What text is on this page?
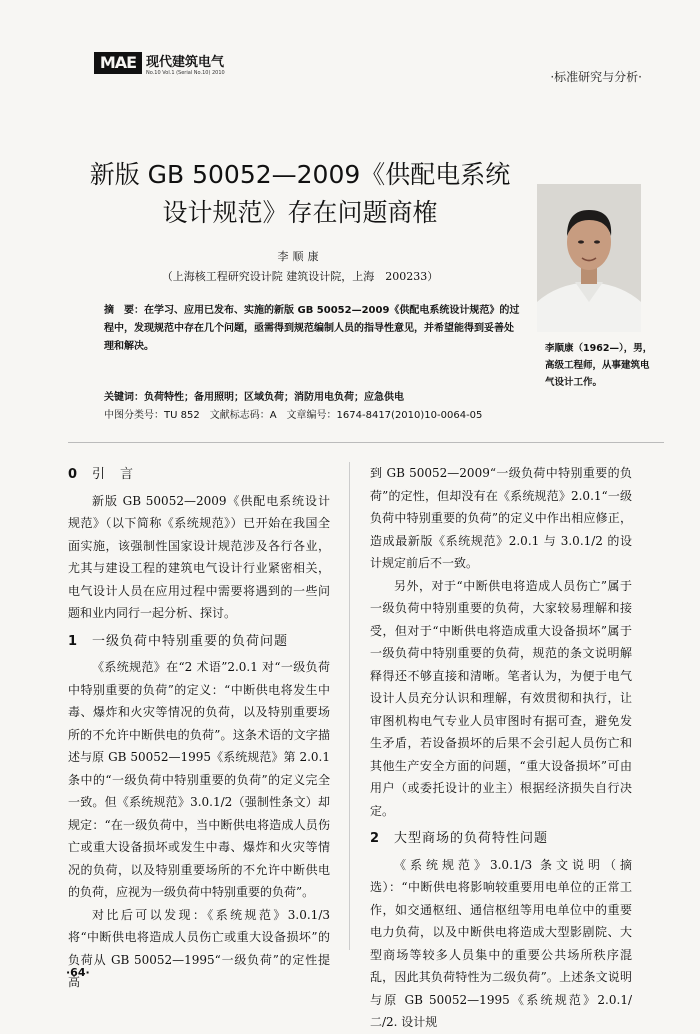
MAE 现代建筑电气
No.10 Vol.1 (Serial No.10) 2010	·标准研究与分析·
新版 GB 50052—2009《供配电系统
设计规范》存在问题商榷
李顺康
（上海核工程研究设计院 建筑设计院，上海　200233）
李顺康（1962—），男，高级工程师，从事建筑电气设计工作。
摘　要：在学习、应用已发布、实施的新版 GB 50052—2009《供配电系统设计规范》的过程中，发现规范中存在几个问题，亟需得到规范编制人员的指导性意见，并希望能得到妥善处理和解决。
关键词：负荷特性；备用照明；区域负荷；消防用电负荷；应急供电
中图分类号：TU 852　文献标志码：A　文章编号：1674-8417(2010)10-0064-05
0 引　言

新版 GB 50052—2009《供配电系统设计规范》（以下简称《系统规范》）已开始在我国全面实施，该强制性国家设计规范涉及各行各业，尤其与建设工程的建筑电气设计行业紧密相关，电气设计人员在应用过程中需要将遇到的一些问题和业内同行一起分析、探讨。

1 一级负荷中特别重要的负荷问题

《系统规范》在“2 术语”2.0.1 对“一级负荷中特别重要的负荷”的定义：“中断供电将发生中毒、爆炸和火灾等情况的负荷，以及特别重要场所的不允许中断供电的负荷”。这条术语的文字描述与原 GB 50052—1995《系统规范》第 2.0.1 条中的“一级负荷中特别重要的负荷”的定义完全一致。但《系统规范》3.0.1/2（强制性条文）却规定：“在一级负荷中，当中断供电将造成人员伤亡或重大设备损坏或发生中毒、爆炸和火灾等情况的负荷，以及特别重要场所的不允许中断供电的负荷，应视为一级负荷中特别重要的负荷”。

对比后可以发现：《系统规范》3.0.1/3 将“中断供电将造成人员伤亡或重大设备损坏”的负荷从 GB 50052—1995“一级负荷”的定性提高

到 GB 50052—2009“一级负荷中特别重要的负荷”的定性，但却没有在《系统规范》2.0.1“一级负荷中特别重要的负荷”的定义中作出相应修正，造成最新版《系统规范》2.0.1 与 3.0.1/2 的设计规定前后不一致。

另外，对于“中断供电将造成人员伤亡”属于一级负荷中特别重要的负荷，大家较易理解和接受，但对于“中断供电将造成重大设备损坏”属于一级负荷中特别重要的负荷，规范的条文说明解释得还不够直接和清晰。笔者认为，为便于电气设计人员充分认识和理解，有效贯彻和执行，让审图机构电气专业人员审图时有据可查，避免发生矛盾，若设备损坏的后果不会引起人员伤亡和其他生产安全方面的问题，“重大设备损坏”可由用户（或委托设计的业主）根据经济损失自行决定。

2 大型商场的负荷特性问题

《系统规范》3.0.1/3 条文说明（摘选）：“中断供电将影响较重要用电单位的正常工作，如交通枢纽、通信枢纽等用电单位中的重要电力负荷，以及中断供电将造成大型影剧院、大型商场等较多人员集中的重要公共场所秩序混乱，因此其负荷特性为二级负荷”。上述条文说明与原 GB 50052—1995《系统规范》2.0.1/二/2. 设计规

·64·
